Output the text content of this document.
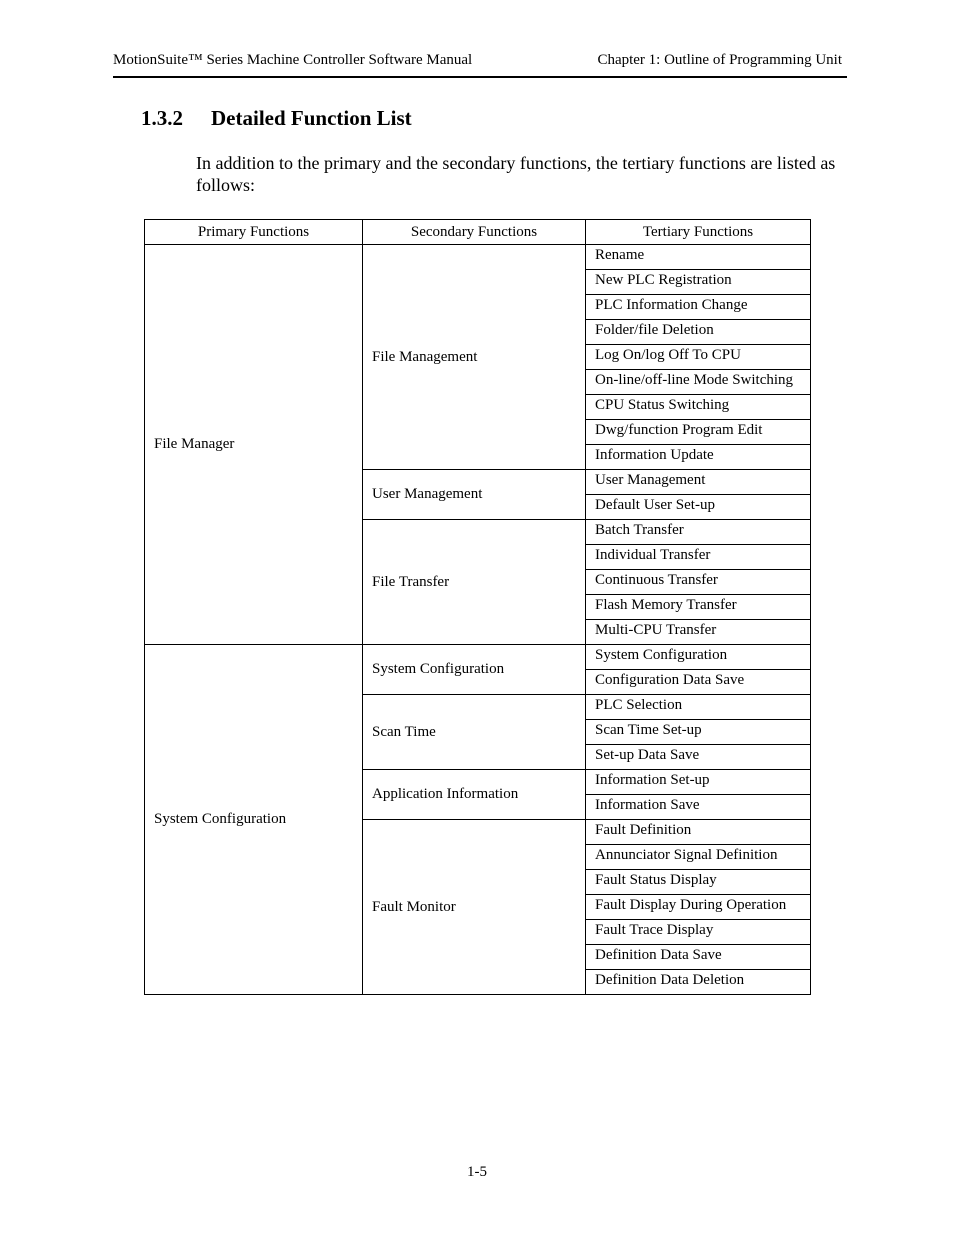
MotionSuite™ Series Machine Controller Software Manual	Chapter 1: Outline of Programming Unit
1.3.2 Detailed Function List

In addition to the primary and the secondary functions, the tertiary functions are listed as follows:

Primary Functions	Secondary Functions	Tertiary Functions
File Manager	File Management	Rename
		New PLC Registration
		PLC Information Change
		Folder/file Deletion
		Log On/log Off To CPU
		On-line/off-line Mode Switching
		CPU Status Switching
		Dwg/function Program Edit
		Information Update
	User Management	User Management
		Default User Set-up
	File Transfer	Batch Transfer
		Individual Transfer
		Continuous Transfer
		Flash Memory Transfer
		Multi-CPU Transfer
System Configuration	System Configuration	System Configuration
		Configuration Data Save
	Scan Time	PLC Selection
		Scan Time Set-up
		Set-up Data Save
	Application Information	Information Set-up
		Information Save
	Fault Monitor	Fault Definition
		Annunciator Signal Definition
		Fault Status Display
		Fault Display During Operation
		Fault Trace Display
		Definition Data Save
		Definition Data Deletion
1-5
